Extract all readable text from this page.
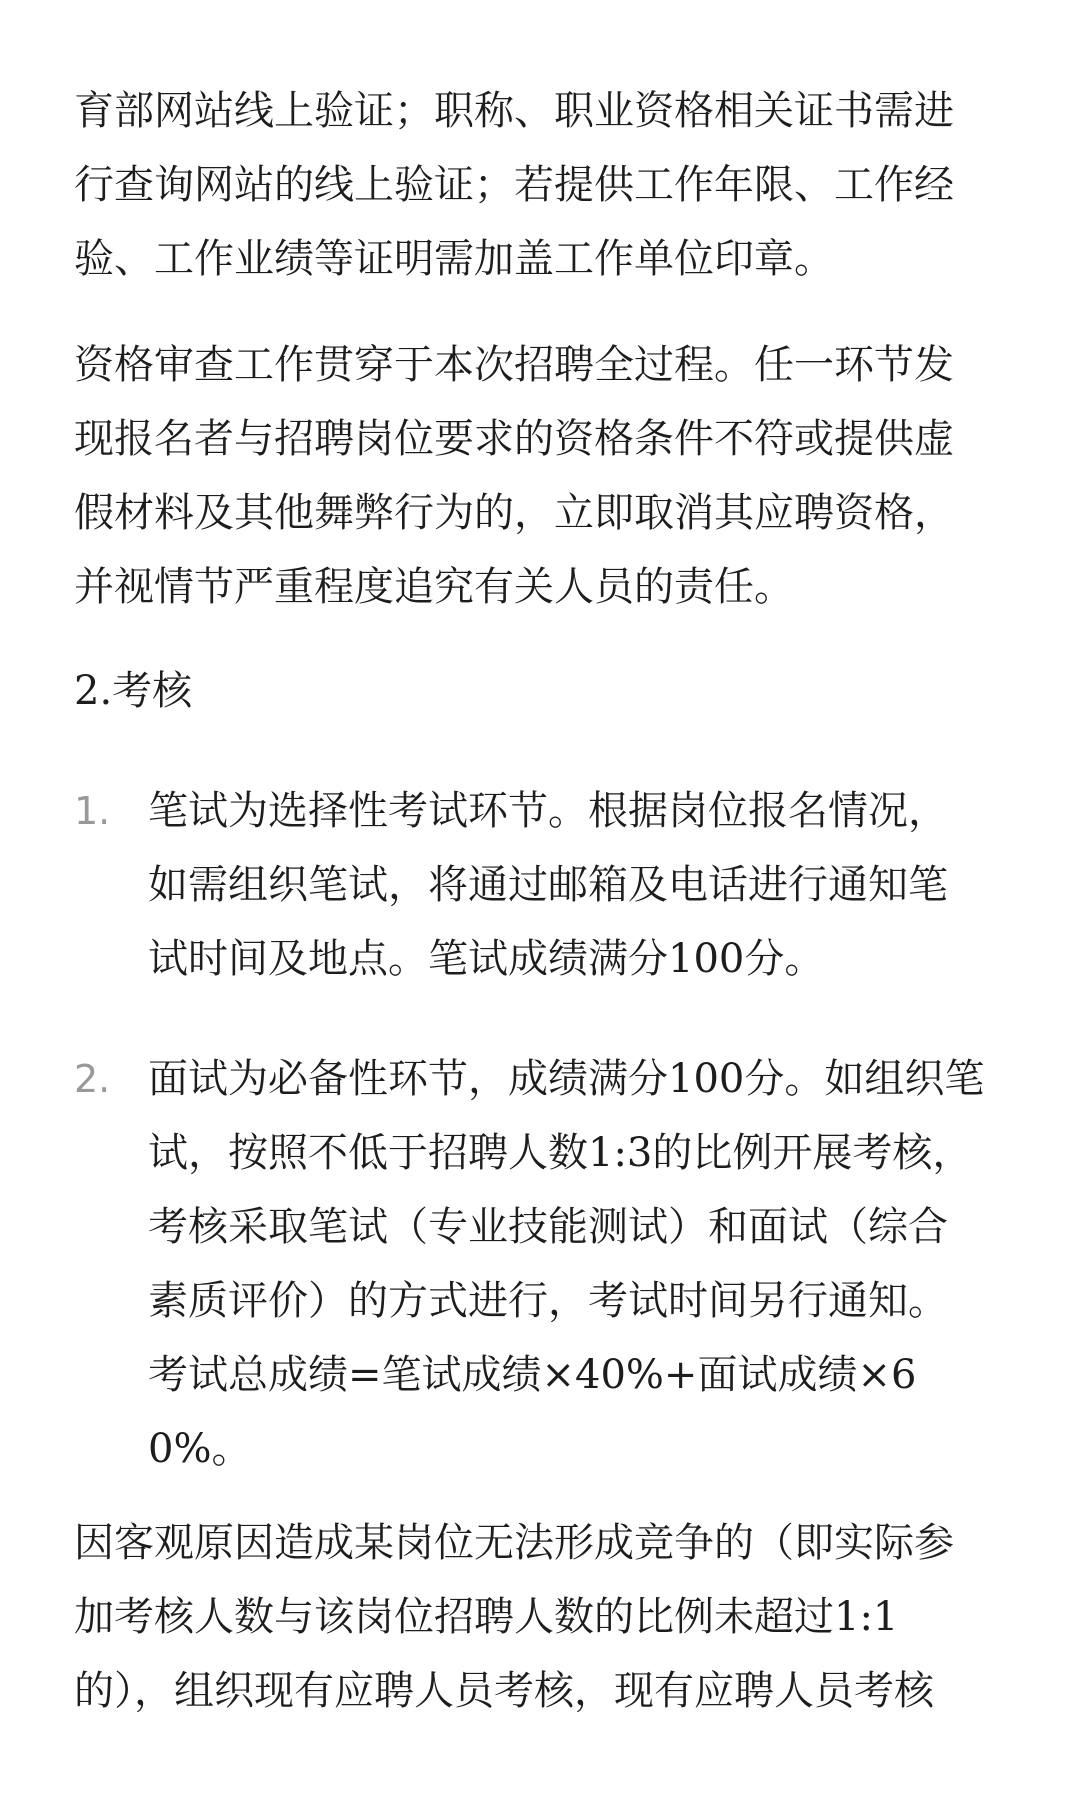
育部网站线上验证；职称、职业资格相关证书需进
行查询网站的线上验证；若提供工作年限、工作经
验、工作业绩等证明需加盖工作单位印章。
资格审查工作贯穿于本次招聘全过程。任一环节发
现报名者与招聘岗位要求的资格条件不符或提供虚
假材料及其他舞弊行为的，立即取消其应聘资格，
并视情节严重程度追究有关人员的责任。
2.考核
1. 笔试为选择性考试环节。根据岗位报名情况，
如需组织笔试，将通过邮箱及电话进行通知笔
试时间及地点。笔试成绩满分100分。
2. 面试为必备性环节，成绩满分100分。如组织笔
试，按照不低于招聘人数1:3的比例开展考核，
考核采取笔试（专业技能测试）和面试（综合
素质评价）的方式进行，考试时间另行通知。
考试总成绩=笔试成绩×40%+面试成绩×6
0%。
因客观原因造成某岗位无法形成竞争的（即实际参
加考核人数与该岗位招聘人数的比例未超过1:1
的），组织现有应聘人员考核，现有应聘人员考核
